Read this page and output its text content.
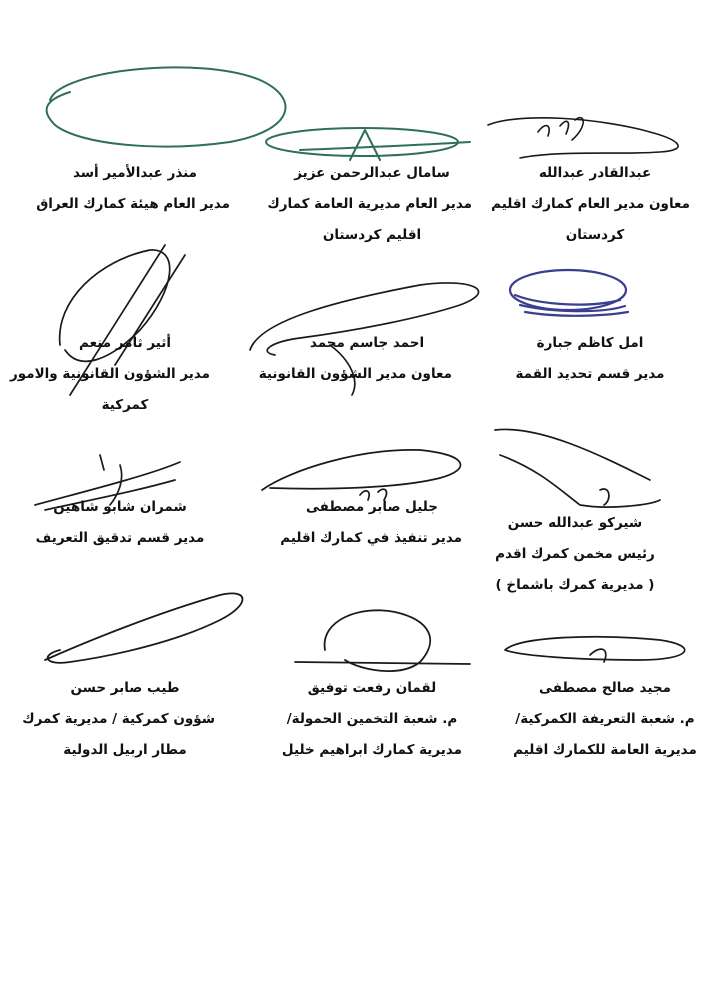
عبدالقادر عبدالله
معاون مدير العام كمارك اقليم
كردستان
سامال عبدالرحمن عزيز
مدير العام مديرية العامة كمارك
اقليم كردستان
منذر عبدالأمير أسد
مدير العام هيئة كمارك العراق
امل كاظم جبارة
مدير قسم تحديد القمة
احمد جاسم محمد
معاون مدير الشؤون القانونية
أثير ثامر منعم
مدير الشؤون القانونية والامور
كمركية
شيركو عبدالله حسن
رئيس مخمن كمرك اقدم
( مديرية كمرك باشماخ )
جليل صابر مصطفى
مدير تنفيذ في كمارك اقليم
شمران شابو شاهين
مدير قسم تدقيق التعريف
مجيد صالح مصطفى
م. شعبة التعريفة الكمركية/
مديرية العامة للكمارك اقليم
لقمان رفعت توفيق
م. شعبة التخمين الحمولة/
مديرية كمارك ابراهيم خليل
طيب صابر حسن
شؤون كمركية / مديرية كمرك
مطار اربيل الدولية
